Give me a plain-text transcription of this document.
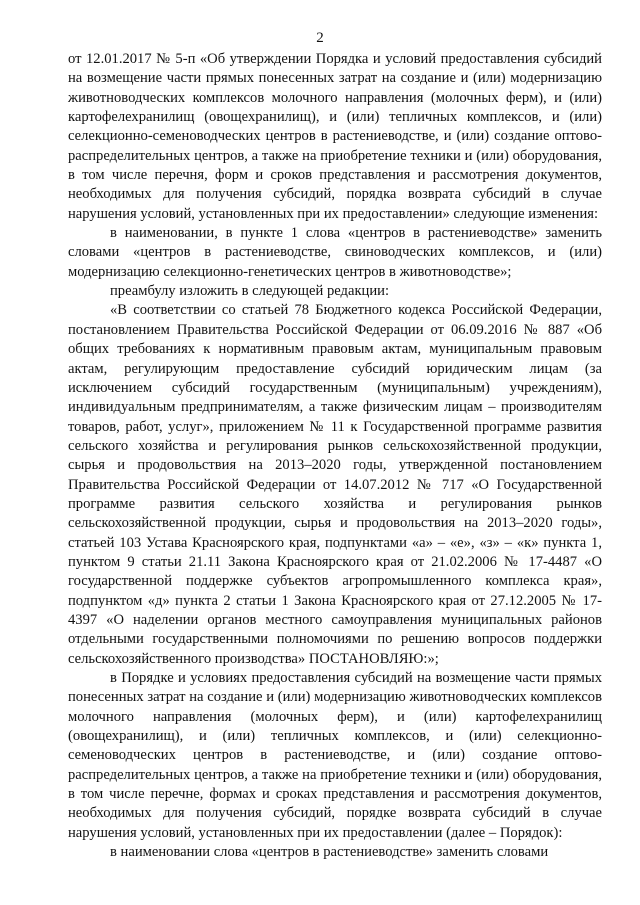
2

от 12.01.2017 № 5-п «Об утверждении Порядка и условий предоставления субсидий на возмещение части прямых понесенных затрат на создание и (или) модернизацию животноводческих комплексов молочного направления (молочных ферм), и (или) картофелехранилищ (овощехранилищ), и (или) тепличных комплексов, и (или) селекционно-семеноводческих центров в растениеводстве, и (или) создание оптово-распределительных центров, а также на приобретение техники и (или) оборудования, в том числе перечня, форм и сроков представления и рассмотрения документов, необходимых для получения субсидий, порядка возврата субсидий в случае нарушения условий, установленных при их предоставлении» следующие изменения:

в наименовании, в пункте 1 слова «центров в растениеводстве» заменить словами «центров в растениеводстве, свиноводческих комплексов, и (или) модернизацию селекционно-генетических центров в животноводстве»;

преамбулу изложить в следующей редакции:

«В соответствии со статьей 78 Бюджетного кодекса Российской Федерации, постановлением Правительства Российской Федерации от 06.09.2016 № 887 «Об общих требованиях к нормативным правовым актам, муниципальным правовым актам, регулирующим предоставление субсидий юридическим лицам (за исключением субсидий государственным (муниципальным) учреждениям), индивидуальным предпринимателям, а также физическим лицам – производителям товаров, работ, услуг», приложением № 11 к Государственной программе развития сельского хозяйства и регулирования рынков сельскохозяйственной продукции, сырья и продовольствия на 2013–2020 годы, утвержденной постановлением Правительства Российской Федерации от 14.07.2012 № 717 «О Государственной программе развития сельского хозяйства и регулирования рынков сельскохозяйственной продукции, сырья и продовольствия на 2013–2020 годы», статьей 103 Устава Красноярского края, подпунктами «а» – «е», «з» – «к» пункта 1, пунктом 9 статьи 21.11 Закона Красноярского края от 21.02.2006 № 17-4487 «О государственной поддержке субъектов агропромышленного комплекса края», подпунктом «д» пункта 2 статьи 1 Закона Красноярского края от 27.12.2005 № 17-4397 «О наделении органов местного самоуправления муниципальных районов отдельными государственными полномочиями по решению вопросов поддержки сельскохозяйственного производства» ПОСТАНОВЛЯЮ:»;

в Порядке и условиях предоставления субсидий на возмещение части прямых понесенных затрат на создание и (или) модернизацию животноводческих комплексов молочного направления (молочных ферм), и (или) картофелехранилищ (овощехранилищ), и (или) тепличных комплексов, и (или) селекционно-семеноводческих центров в растениеводстве, и (или) создание оптово-распределительных центров, а также на приобретение техники и (или) оборудования, в том числе перечне, формах и сроках представления и рассмотрения документов, необходимых для получения субсидий, порядке возврата субсидий в случае нарушения условий, установленных при их предоставлении (далее – Порядок):

в наименовании слова «центров в растениеводстве» заменить словами
